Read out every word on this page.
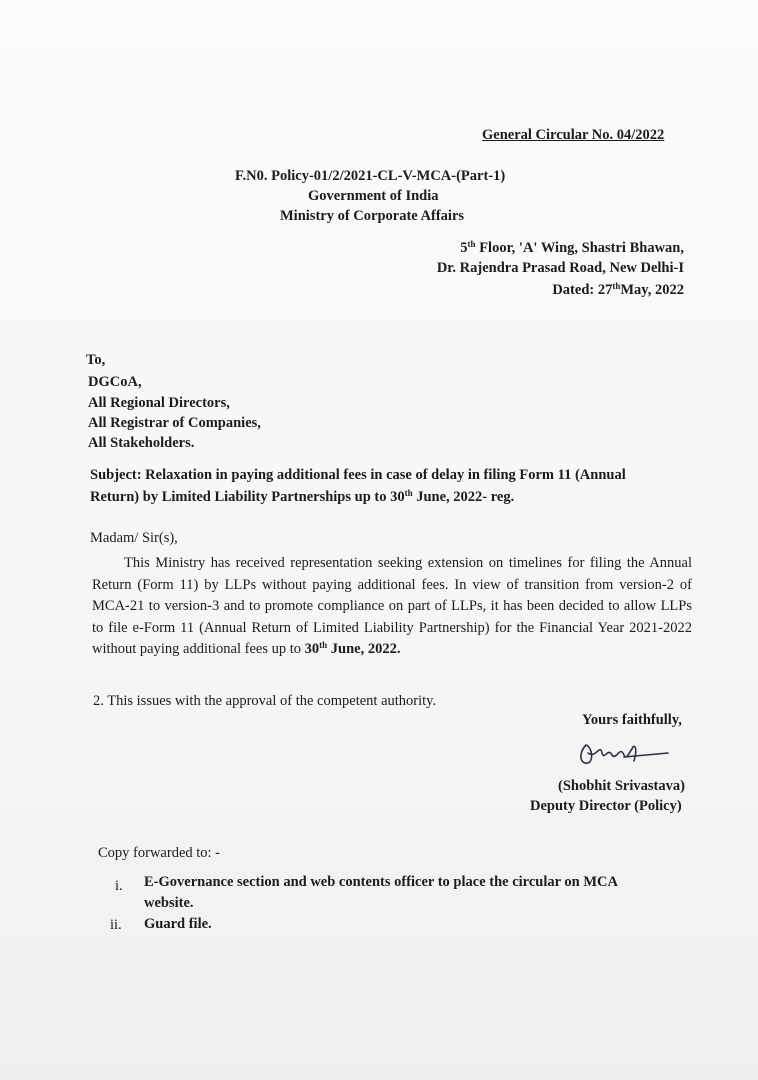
General Circular No. 04/2022
F.N0. Policy-01/2/2021-CL-V-MCA-(Part-1)
Government of India
Ministry of Corporate Affairs
5th Floor, 'A' Wing, Shastri Bhawan,
Dr. Rajendra Prasad Road, New Delhi-I
Dated: 27thMay, 2022
To,
DGCoA,
All Regional Directors,
All Registrar of Companies,
All Stakeholders.
Subject: Relaxation in paying additional fees in case of delay in filing Form 11 (Annual
Return) by Limited Liability Partnerships up to 30th June, 2022- reg.
Madam/ Sir(s),
This Ministry has received representation seeking extension on timelines for filing the Annual Return (Form 11) by LLPs without paying additional fees. In view of transition from version-2 of MCA-21 to version-3 and to promote compliance on part of LLPs, it has been decided to allow LLPs to file e-Form 11 (Annual Return of Limited Liability Partnership) for the Financial Year 2021-2022 without paying additional fees up to 30th June, 2022.
2. This issues with the approval of the competent authority.
Yours faithfully,
(Shobhit Srivastava)
Deputy Director (Policy)
Copy forwarded to: -
i. E-Governance section and web contents officer to place the circular on MCA
website.
ii. Guard file.
